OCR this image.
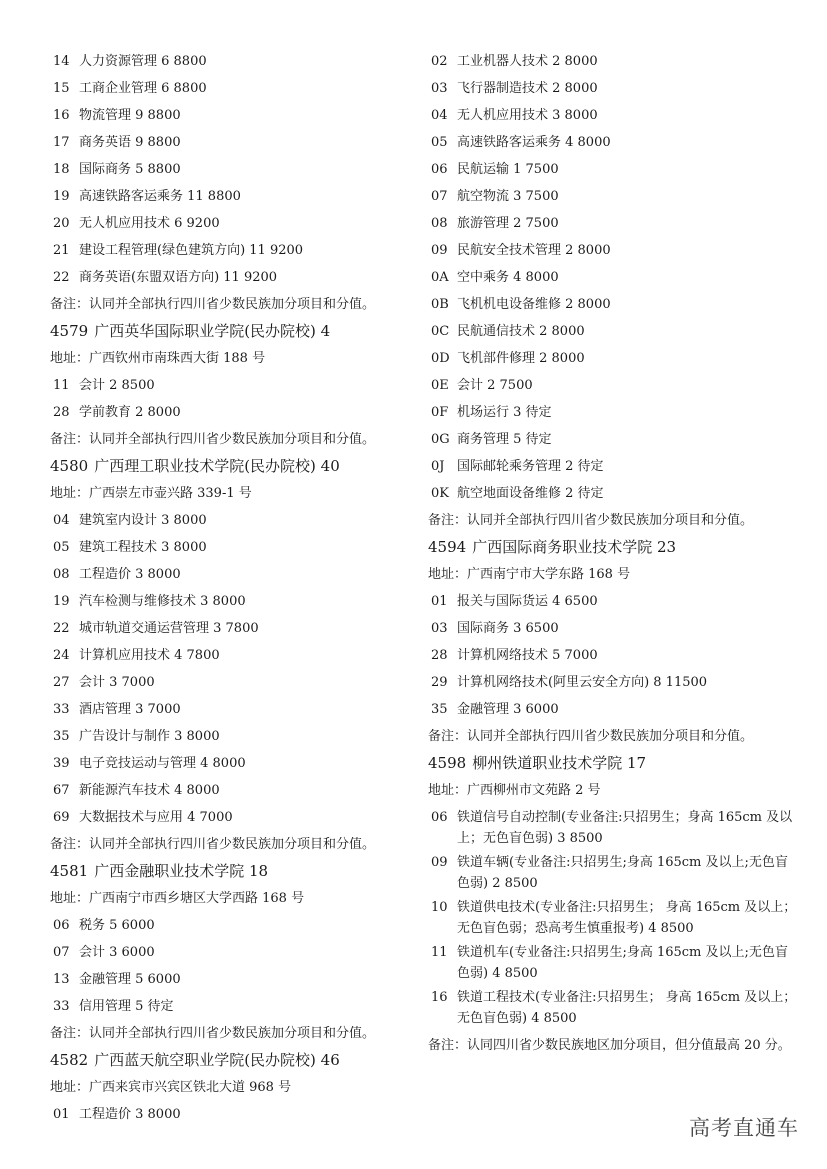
14 人力资源管理 6 8800
15 工商企业管理 6 8800
16 物流管理 9 8800
17 商务英语 9 8800
18 国际商务 5 8800
19 高速铁路客运乘务 11 8800
20 无人机应用技术 6 9200
21 建设工程管理(绿色建筑方向) 11 9200
22 商务英语(东盟双语方向) 11 9200
备注：认同并全部执行四川省少数民族加分项目和分值。
4579 广西英华国际职业学院(民办院校) 4
地址：广西钦州市南珠西大街 188 号
11 会计 2 8500
28 学前教育 2 8000
备注：认同并全部执行四川省少数民族加分项目和分值。
4580 广西理工职业技术学院(民办院校) 40
地址：广西崇左市壶兴路 339-1 号
04 建筑室内设计 3 8000
05 建筑工程技术 3 8000
08 工程造价 3 8000
19 汽车检测与维修技术 3 8000
22 城市轨道交通运营管理 3 7800
24 计算机应用技术 4 7800
27 会计 3 7000
33 酒店管理 3 7000
35 广告设计与制作 3 8000
39 电子竞技运动与管理 4 8000
67 新能源汽车技术 4 8000
69 大数据技术与应用 4 7000
备注：认同并全部执行四川省少数民族加分项目和分值。
4581 广西金融职业技术学院 18
地址：广西南宁市西乡塘区大学西路 168 号
06 税务 5 6000
07 会计 3 6000
13 金融管理 5 6000
33 信用管理 5 待定
备注：认同并全部执行四川省少数民族加分项目和分值。
4582 广西蓝天航空职业学院(民办院校) 46
地址：广西来宾市兴宾区铁北大道 968 号
01 工程造价 3 8000
02 工业机器人技术 2 8000
03 飞行器制造技术 2 8000
04 无人机应用技术 3 8000
05 高速铁路客运乘务 4 8000
06 民航运输 1 7500
07 航空物流 3 7500
08 旅游管理 2 7500
09 民航安全技术管理 2 8000
0A 空中乘务 4 8000
0B 飞机机电设备维修 2 8000
0C 民航通信技术 2 8000
0D 飞机部件修理 2 8000
0E 会计 2 7500
0F 机场运行 3 待定
0G 商务管理 5 待定
0J 国际邮轮乘务管理 2 待定
0K 航空地面设备维修 2 待定
备注：认同并全部执行四川省少数民族加分项目和分值。
4594 广西国际商务职业技术学院 23
地址：广西南宁市大学东路 168 号
01 报关与国际货运 4 6500
03 国际商务 3 6500
28 计算机网络技术 5 7000
29 计算机网络技术(阿里云安全方向) 8 11500
35 金融管理 3 6000
备注：认同并全部执行四川省少数民族加分项目和分值。
4598 柳州铁道职业技术学院 17
地址：广西柳州市文苑路 2 号
06 铁道信号自动控制(专业备注:只招男生；身高 165cm 及以上；无色盲色弱) 3 8500
09 铁道车辆(专业备注:只招男生;身高 165cm 及以上;无色盲色弱) 2 8500
10 铁道供电技术(专业备注:只招男生； 身高 165cm 及以上；无色盲色弱；恐高考生慎重报考) 4 8500
11 铁道机车(专业备注:只招男生;身高 165cm 及以上;无色盲色弱) 4 8500
16 铁道工程技术(专业备注:只招男生； 身高 165cm 及以上；无色盲色弱) 4 8500
备注：认同四川省少数民族地区加分项目，但分值最高 20 分。
高考直通车
